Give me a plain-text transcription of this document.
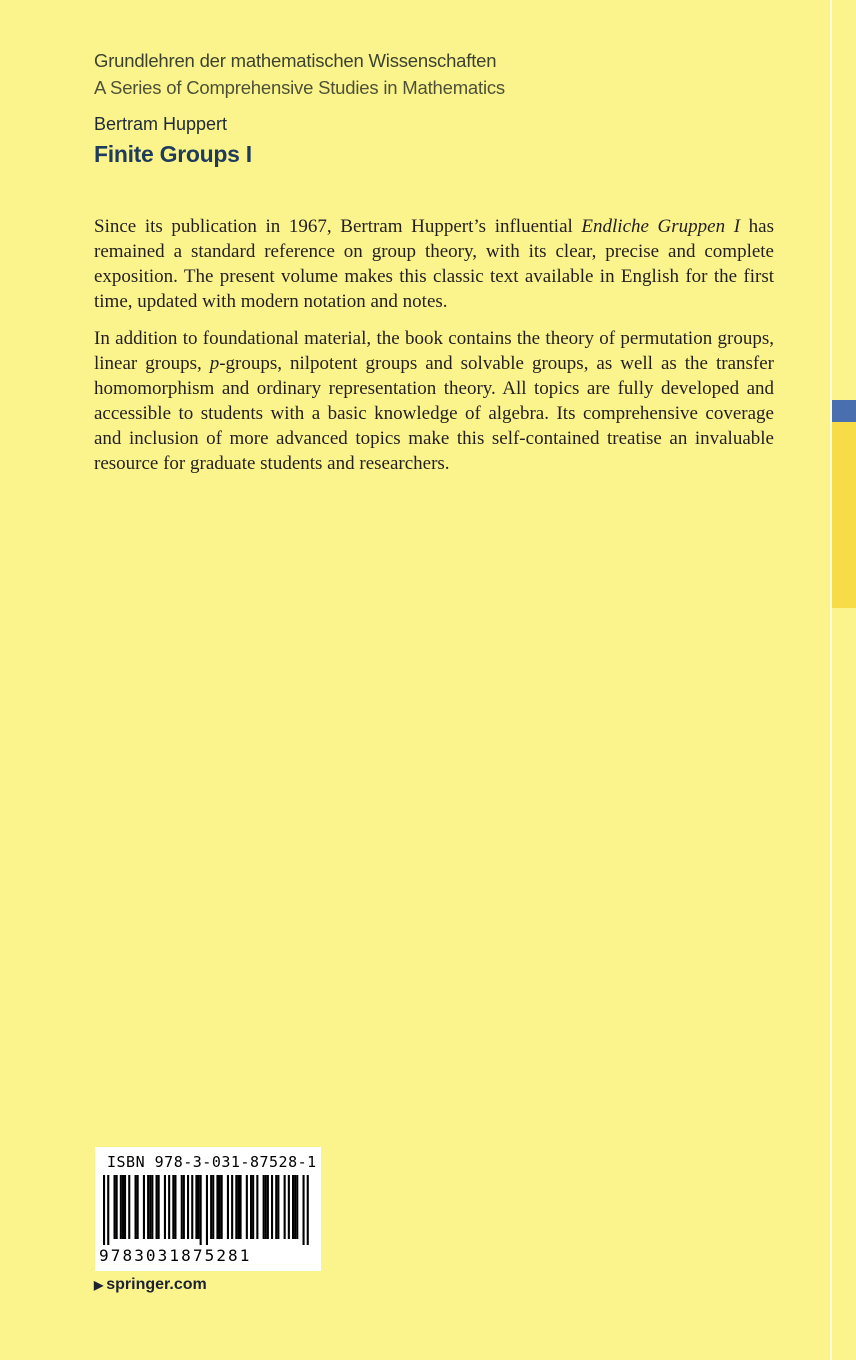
Grundlehren der mathematischen Wissenschaften
A Series of Comprehensive Studies in Mathematics
Bertram Huppert
Finite Groups I

Since its publication in 1967, Bertram Huppert’s influential Endliche Gruppen I has remained a standard reference on group theory, with its clear, precise and complete exposition. The present volume makes this classic text available in English for the first time, updated with modern notation and notes.

In addition to foundational material, the book contains the theory of permutation groups, linear groups, p-groups, nilpotent groups and solvable groups, as well as the transfer homomorphism and ordinary representation theory. All topics are fully developed and accessible to students with a basic knowledge of algebra. Its comprehensive coverage and inclusion of more advanced topics make this self-contained treatise an invaluable resource for graduate students and researchers.

ISBN 978-3-031-87528-1
9783031875281
▶ springer.com
